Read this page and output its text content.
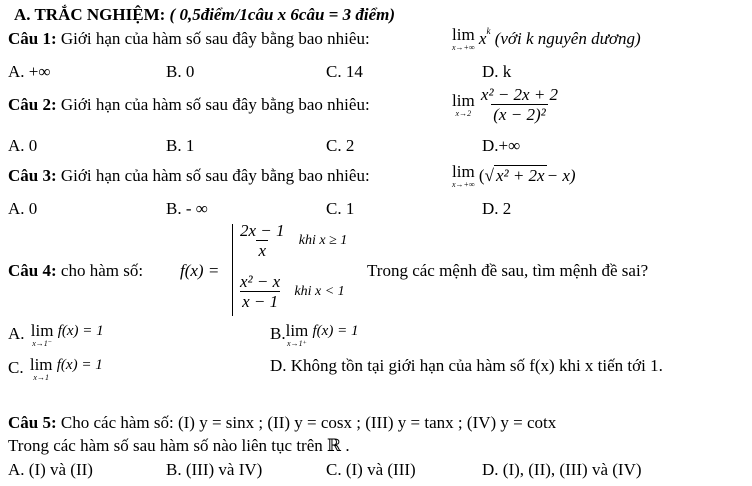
A. TRẮC NGHIỆM: ( 0,5điểm/1câu x 6câu = 3 điểm)
Câu 1: Giới hạn của hàm số sau đây bằng bao nhiêu:	lim
x→+∞ $x^k$ (với k nguyên dương)
A. +∞	B. 0	C. 14	D. k
Câu 2: Giới hạn của hàm số sau đây bằng bao nhiêu:	lim
x→2
$\frac{\text{x² − 2x + 2}}{\text{(x − 2)²}}$
A. 0	B. 1	C. 2	D.+∞
Câu 3: Giới hạn của hàm số sau đây bằng bao nhiêu:	lim
x→+∞ (√ x² + 2x − x)
A. 0	B. - ∞	C. 1	D. 2
Câu 4: cho hàm số: f(x) =
$\frac{2x - 1}{x}$ khi x ≥ 1
$\frac{\text{x² − x}}{x - 1}$ khi x < 1
Trong các mệnh đề sau, tìm mệnh đề sai?
A. lim
x→1⁻
f(x) = 1	B. lim
x→1⁺
f(x) = 1
C. lim
x→1
f(x) = 1	D. Không tồn tại giới hạn của hàm số f(x) khi x tiến tới 1.
Câu 5: Cho các hàm số: (I) y = sinx ; (II) y = cosx ; (III) y = tanx ; (IV) y = cotx
Trong các hàm số sau hàm số nào liên tục trên ℝ .
A. (I) và (II)	B. (III) và IV)	C. (I) và (III)	D. (I), (II), (III) và (IV)
